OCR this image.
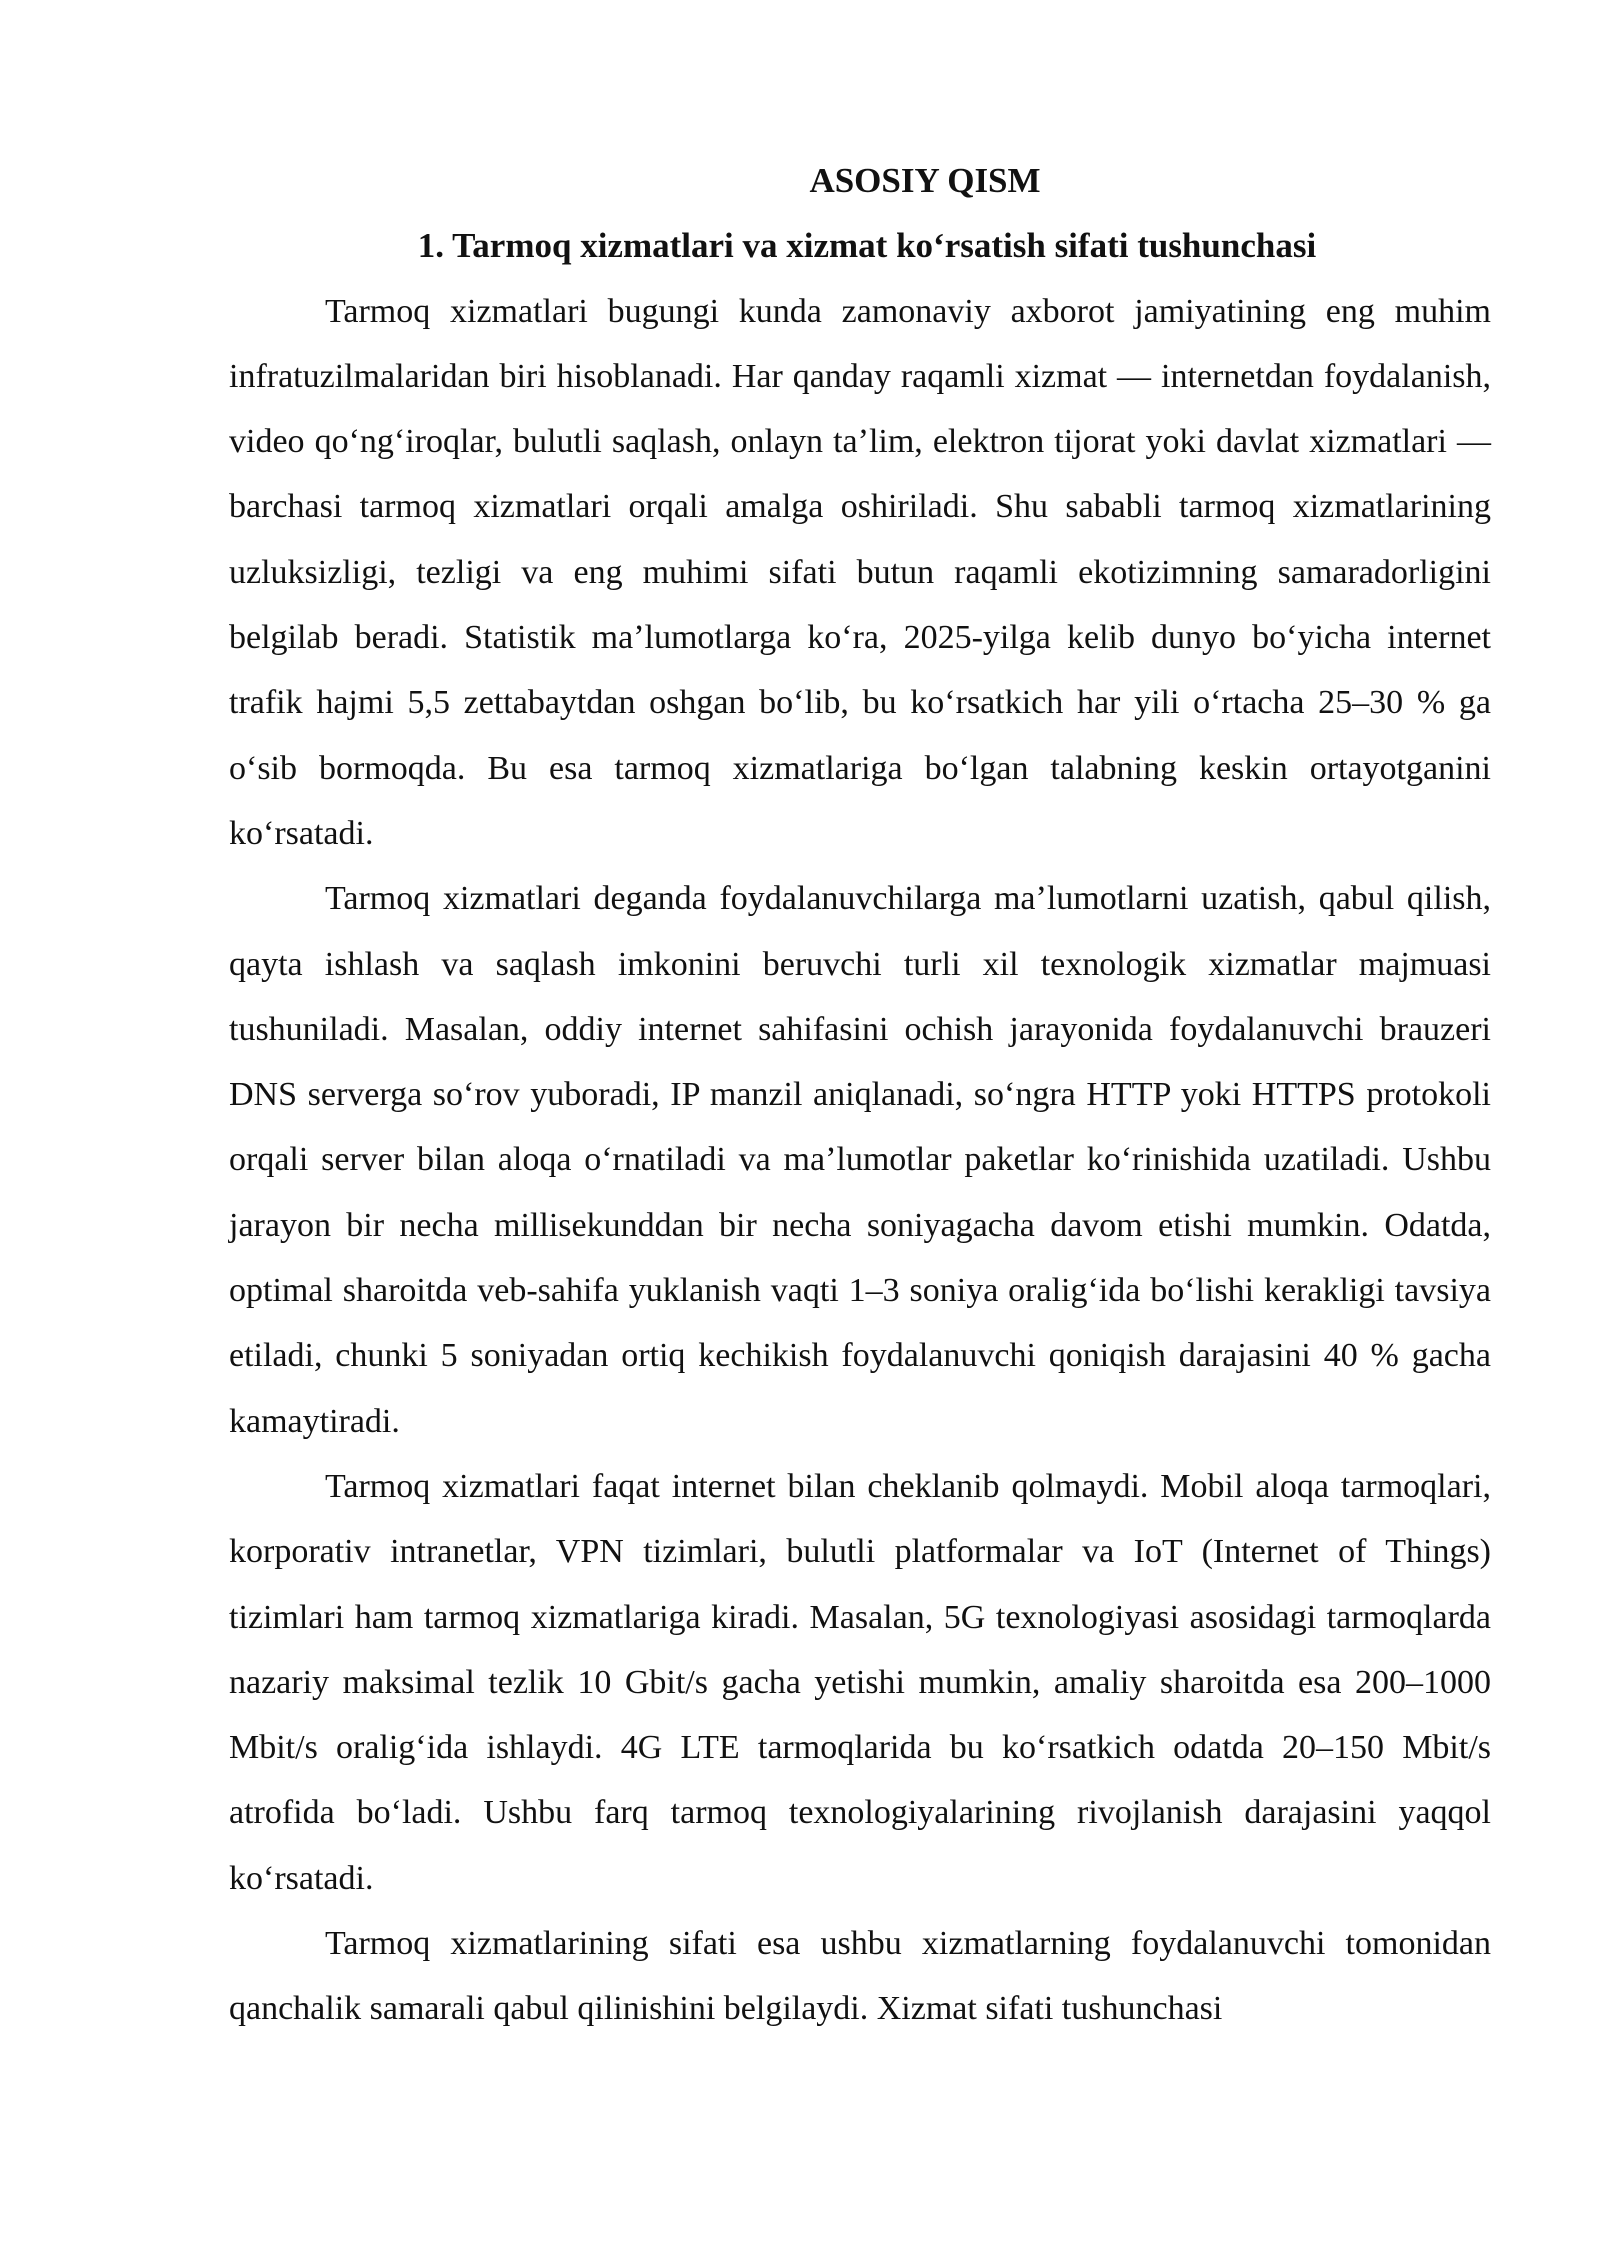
ASOSIY QISM

1. Tarmoq xizmatlari va xizmat koʻrsatish sifati tushunchasi

Tarmoq xizmatlari bugungi kunda zamonaviy axborot jamiyatining eng muhim infratuzilmalaridan biri hisoblanadi. Har qanday raqamli xizmat — internetdan foydalanish, video qoʻngʻiroqlar, bulutli saqlash, onlayn taʼlim, elektron tijorat yoki davlat xizmatlari — barchasi tarmoq xizmatlari orqali amalga oshiriladi. Shu sababli tarmoq xizmatlarining uzluksizligi, tezligi va eng muhimi sifati butun raqamli ekotizimning samaradorligini belgilab beradi. Statistik maʼlumotlarga koʻra, 2025-yilga kelib dunyo boʻyicha internet trafik hajmi 5,5 zettabaytdan oshgan boʻlib, bu koʻrsatkich har yili oʻrtacha 25–30 % ga oʻsib bormoqda. Bu esa tarmoq xizmatlariga boʻlgan talabning keskin ortayotganini koʻrsatadi.

Tarmoq xizmatlari deganda foydalanuvchilarga maʼlumotlarni uzatish, qabul qilish, qayta ishlash va saqlash imkonini beruvchi turli xil texnologik xizmatlar majmuasi tushuniladi. Masalan, oddiy internet sahifasini ochish jarayonida foydalanuvchi brauzeri DNS serverga soʻrov yuboradi, IP manzil aniqlanadi, soʻngra HTTP yoki HTTPS protokoli orqali server bilan aloqa oʻrnatiladi va maʼlumotlar paketlar koʻrinishida uzatiladi. Ushbu jarayon bir necha millisekunddan bir necha soniyagacha davom etishi mumkin. Odatda, optimal sharoitda veb-sahifa yuklanish vaqti 1–3 soniya oraligʻida boʻlishi kerakligi tavsiya etiladi, chunki 5 soniyadan ortiq kechikish foydalanuvchi qoniqish darajasini 40 % gacha kamaytiradi.

Tarmoq xizmatlari faqat internet bilan cheklanib qolmaydi. Mobil aloqa tarmoqlari, korporativ intranetlar, VPN tizimlari, bulutli platformalar va IoT (Internet of Things) tizimlari ham tarmoq xizmatlariga kiradi. Masalan, 5G texnologiyasi asosidagi tarmoqlarda nazariy maksimal tezlik 10 Gbit/s gacha yetishi mumkin, amaliy sharoitda esa 200–1000 Mbit/s oraligʻida ishlaydi. 4G LTE tarmoqlarida bu koʻrsatkich odatda 20–150 Mbit/s atrofida boʻladi. Ushbu farq tarmoq texnologiyalarining rivojlanish darajasini yaqqol koʻrsatadi.

Tarmoq xizmatlarining sifati esa ushbu xizmatlarning foydalanuvchi tomonidan qanchalik samarali qabul qilinishini belgilaydi. Xizmat sifati tushunchasi
